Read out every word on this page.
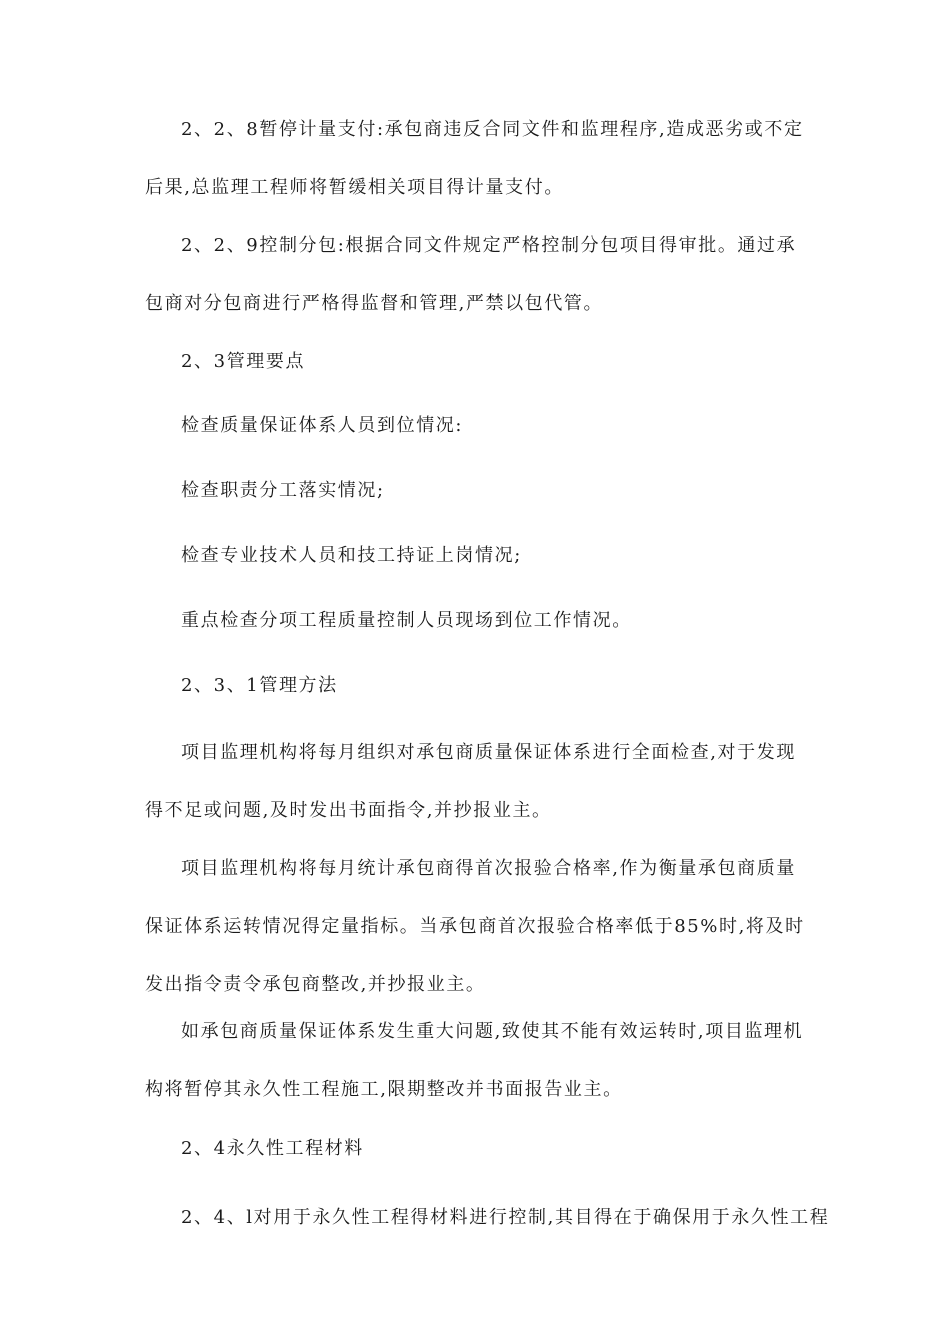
2、2、8暂停计量支付:承包商违反合同文件和监理程序,造成恶劣或不定后果,总监理工程师将暂缓相关项目得计量支付。

2、2、9控制分包:根据合同文件规定严格控制分包项目得审批。通过承包商对分包商进行严格得监督和管理,严禁以包代管。

2、3管理要点

检查质量保证体系人员到位情况:

检查职责分工落实情况;

检查专业技术人员和技工持证上岗情况;

重点检查分项工程质量控制人员现场到位工作情况。

2、3、1管理方法

项目监理机构将每月组织对承包商质量保证体系进行全面检查,对于发现得不足或问题,及时发出书面指令,并抄报业主。

项目监理机构将每月统计承包商得首次报验合格率,作为衡量承包商质量保证体系运转情况得定量指标。当承包商首次报验合格率低于85%时,将及时发出指令责令承包商整改,并抄报业主。

如承包商质量保证体系发生重大问题,致使其不能有效运转时,项目监理机构将暂停其永久性工程施工,限期整改并书面报告业主。

2、4永久性工程材料

2、4、l对用于永久性工程得材料进行控制,其目得在于确保用于永久性工程
